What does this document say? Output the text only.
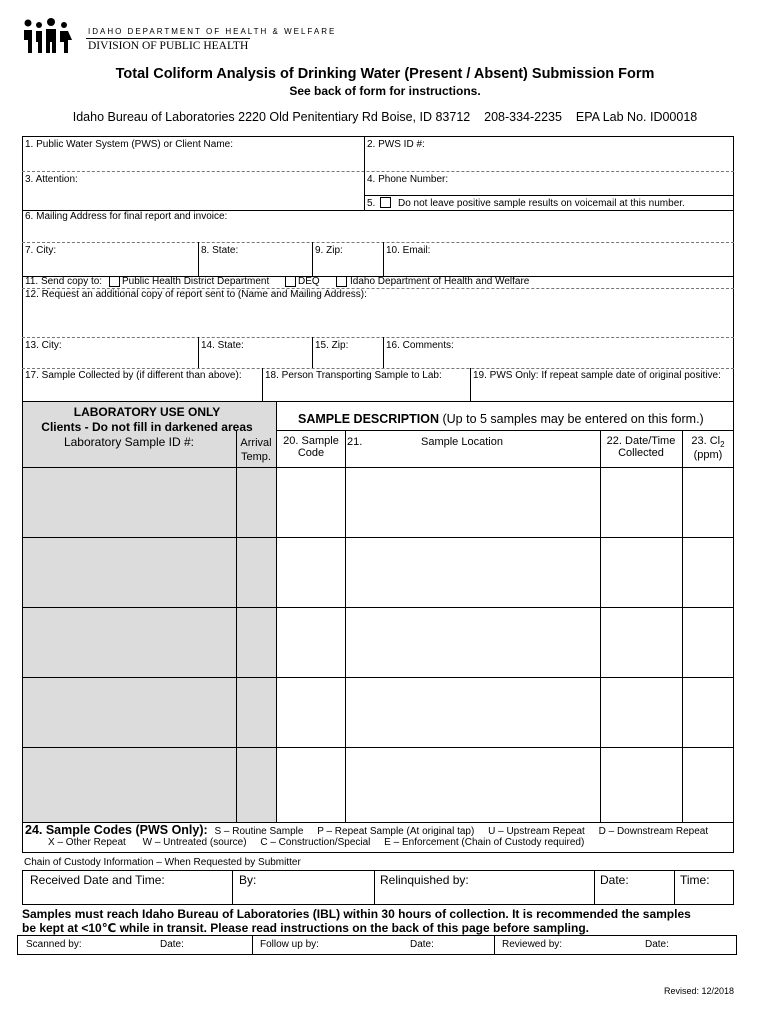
IDAHO DEPARTMENT OF HEALTH & WELFARE
DIVISION OF PUBLIC HEALTH
Total Coliform Analysis of Drinking Water (Present / Absent) Submission Form
See back of form for instructions.
Idaho Bureau of Laboratories 2220 Old Penitentiary Rd Boise, ID 83712    208-334-2235    EPA Lab No. ID00018
1. Public Water System (PWS) or Client Name:	2. PWS ID #:
3. Attention:	4. Phone Number:
5. Do not leave positive sample results on voicemail at this number.
6. Mailing Address for final report and invoice:
7. City:	8. State:	9. Zip:	10. Email:
11. Send copy to: Public Health District Department	DEQ	Idaho Department of Health and Welfare
12. Request an additional copy of report sent to (Name and Mailing Address):
13. City:	14. State:	15. Zip:	16. Comments:
17. Sample Collected by (if different than above): 18. Person Transporting Sample to Lab:	19. PWS Only: If repeat sample date of original positive:
LABORATORY USE ONLY
Clients - Do not fill in darkened areas
Laboratory Sample ID #:	Arrival
Temp.
SAMPLE DESCRIPTION (Up to 5 samples may be entered on this form.)
20. Sample
Code
21.	Sample Location	22. Date/Time
Collected
23. $Cl_2$
(ppm)
24. Sample Codes (PWS Only): S – Routine Sample P – Repeat Sample (At original tap) U – Upstream Repeat D – Downstream Repeat
X – Other Repeat W – Untreated (source) C – Construction/Special E – Enforcement (Chain of Custody required)
Chain of Custody Information – When Requested by Submitter
Received Date and Time:	By:	Relinquished by:	Date:	Time:
Samples must reach Idaho Bureau of Laboratories (IBL) within 30 hours of collection. It is recommended the samples
be kept at <10℃ while in transit. Please read instructions on the back of this page before sampling.
Scanned by:	Date:	Follow up by:	Date:	Reviewed by:	Date:
Revised: 12/2018
